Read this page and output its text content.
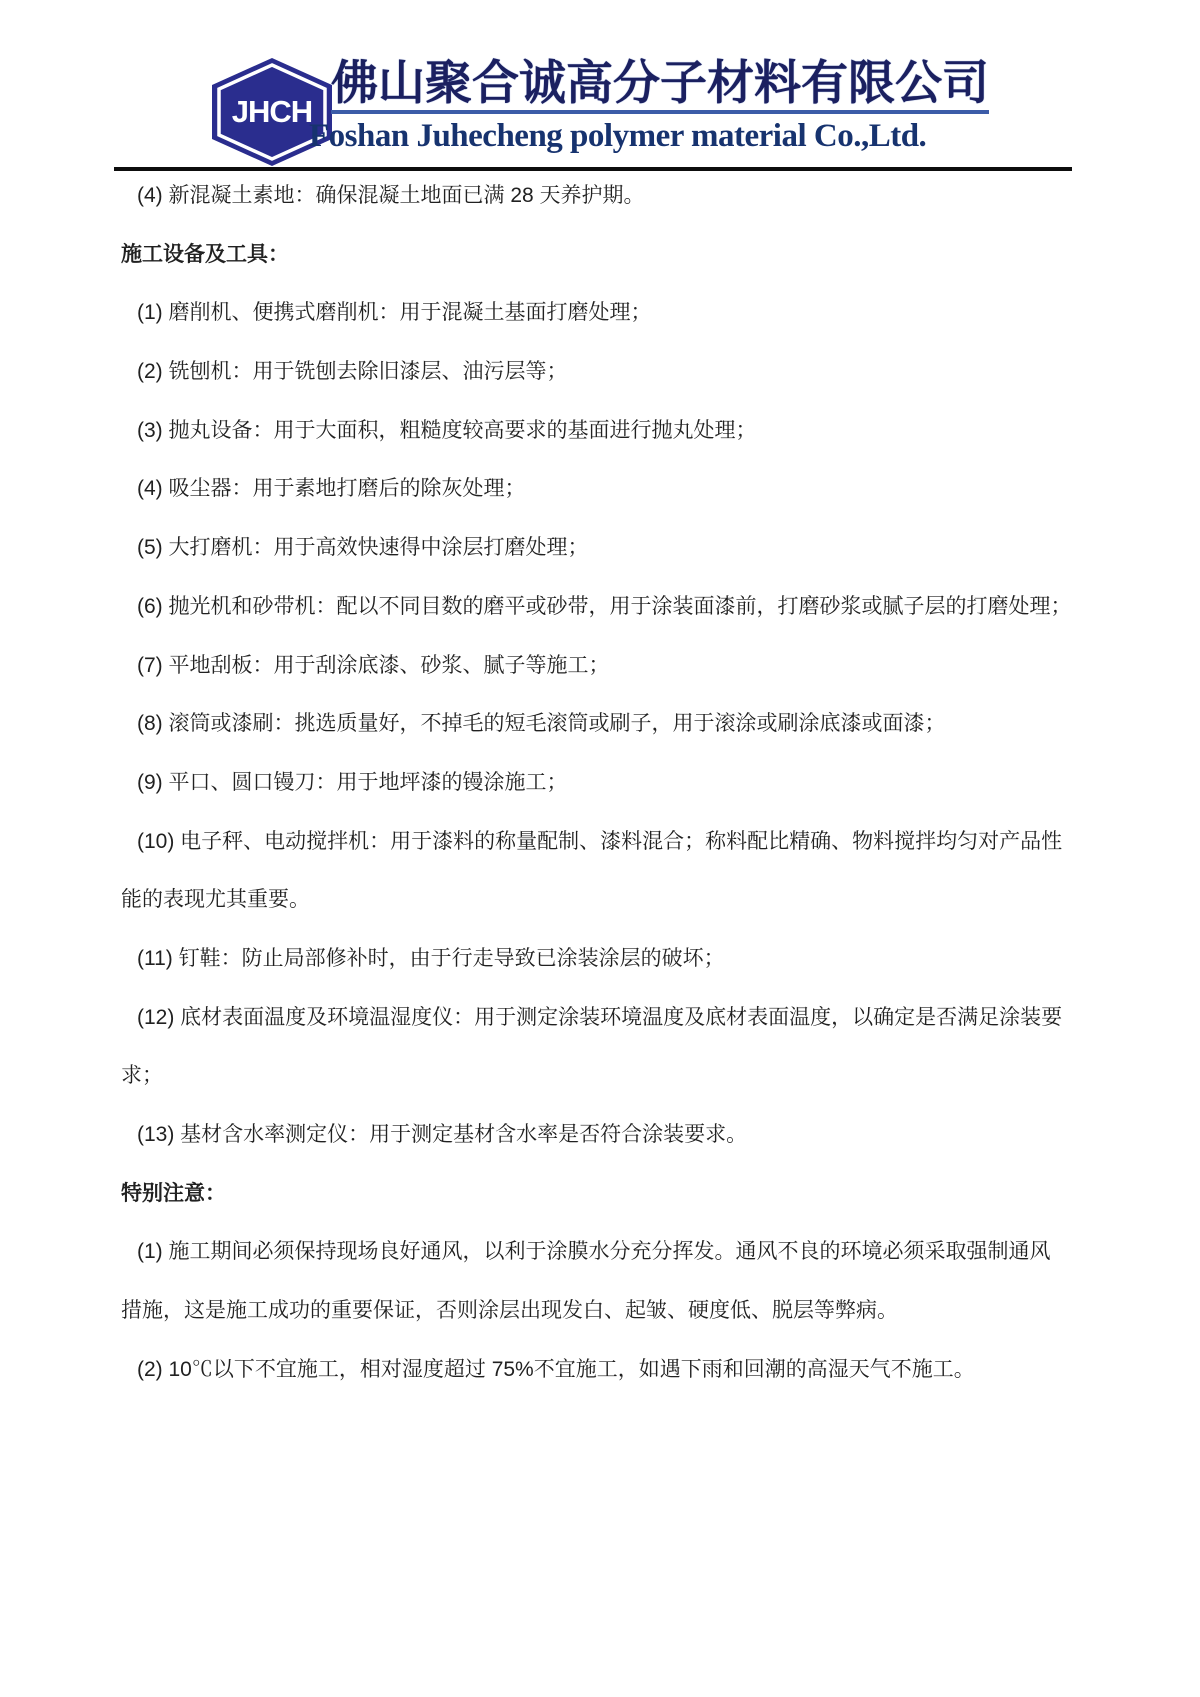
JHCH
佛山聚合诚高分子材料有限公司
Foshan Juhecheng polymer material Co.,Ltd.
(4) 新混凝土素地：确保混凝土地面已满 28 天养护期。
施工设备及工具：
(1) 磨削机、便携式磨削机：用于混凝土基面打磨处理；
(2) 铣刨机：用于铣刨去除旧漆层、油污层等；
(3) 抛丸设备：用于大面积，粗糙度较高要求的基面进行抛丸处理；
(4) 吸尘器：用于素地打磨后的除灰处理；
(5) 大打磨机：用于高效快速得中涂层打磨处理；
(6) 抛光机和砂带机：配以不同目数的磨平或砂带，用于涂装面漆前，打磨砂浆或腻子层的打磨处理；
(7) 平地刮板：用于刮涂底漆、砂浆、腻子等施工；
(8) 滚筒或漆刷：挑选质量好，不掉毛的短毛滚筒或刷子，用于滚涂或刷涂底漆或面漆；
(9) 平口、圆口镘刀：用于地坪漆的镘涂施工；
(10) 电子秤、电动搅拌机：用于漆料的称量配制、漆料混合；称料配比精确、物料搅拌均匀对产品性
能的表现尤其重要。
(11) 钉鞋：防止局部修补时，由于行走导致已涂装涂层的破坏；
(12) 底材表面温度及环境温湿度仪：用于测定涂装环境温度及底材表面温度，以确定是否满足涂装要
求；
(13) 基材含水率测定仪：用于测定基材含水率是否符合涂装要求。
特别注意：
(1) 施工期间必须保持现场良好通风，以利于涂膜水分充分挥发。通风不良的环境必须采取强制通风
措施，这是施工成功的重要保证，否则涂层出现发白、起皱、硬度低、脱层等弊病。
(2) 10℃以下不宜施工，相对湿度超过 75%不宜施工，如遇下雨和回潮的高湿天气不施工。
